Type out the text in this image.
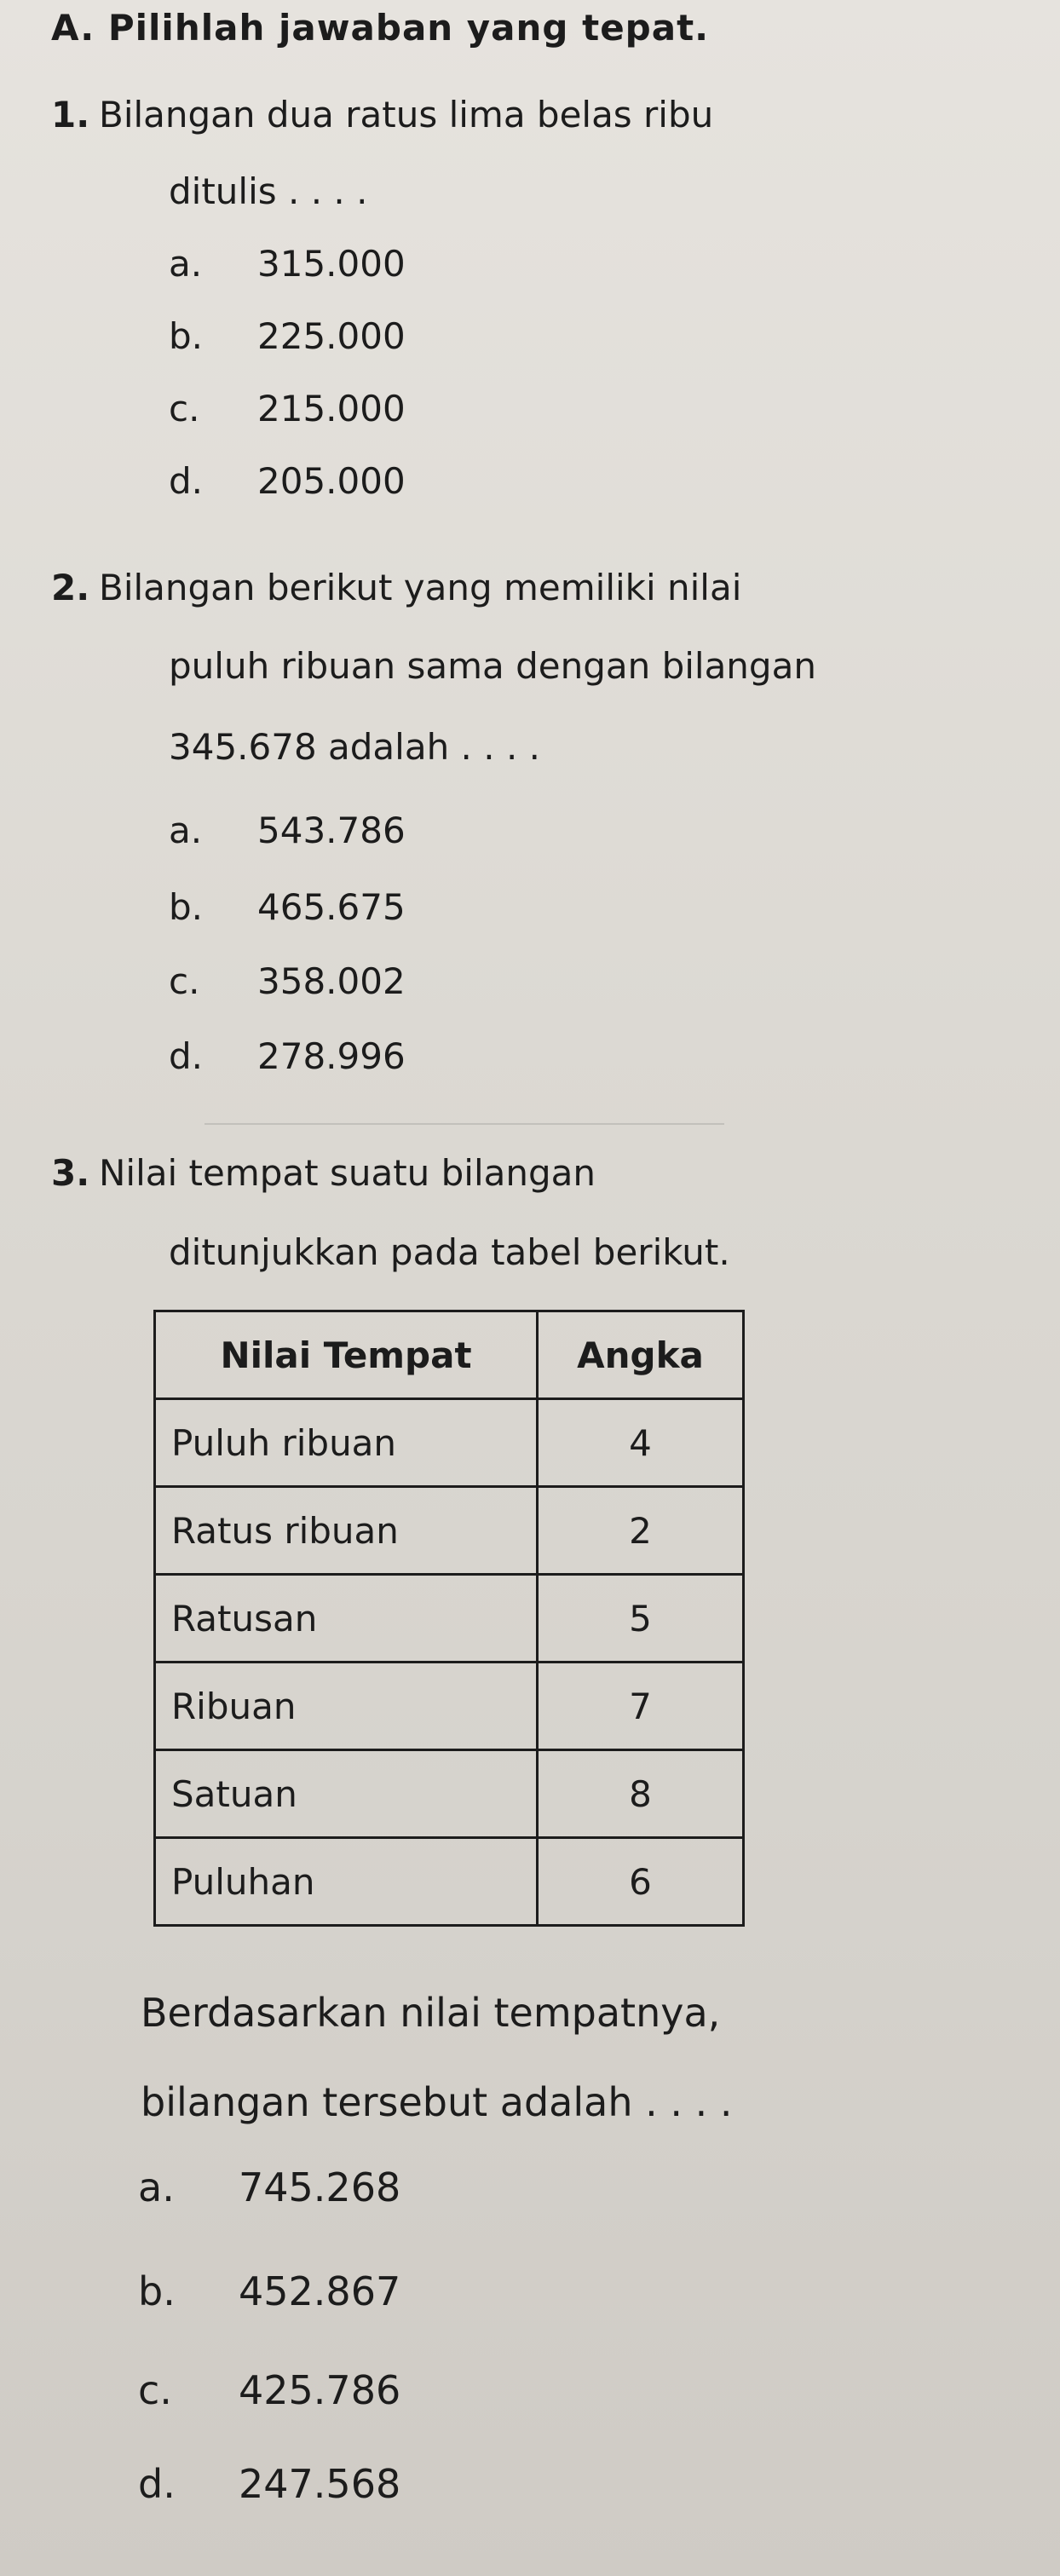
A. Pilihlah jawaban yang tepat.
1. Bilangan dua ratus lima belas ribu
ditulis . . . .
a. 315.000
b. 225.000
c. 215.000
d. 205.000
2. Bilangan berikut yang memiliki nilai
puluh ribuan sama dengan bilangan
345.678 adalah . . . .
a. 543.786
b. 465.675
c. 358.002
d. 278.996
3. Nilai tempat suatu bilangan
ditunjukkan pada tabel berikut.
Nilai Tempat	Angka
Puluh ribuan	4
Ratus ribuan	2
Ratusan	5
Ribuan	7
Satuan	8
Puluhan	6
Berdasarkan nilai tempatnya,
bilangan tersebut adalah . . . .
a. 745.268
b. 452.867
c. 425.786
d. 247.568
